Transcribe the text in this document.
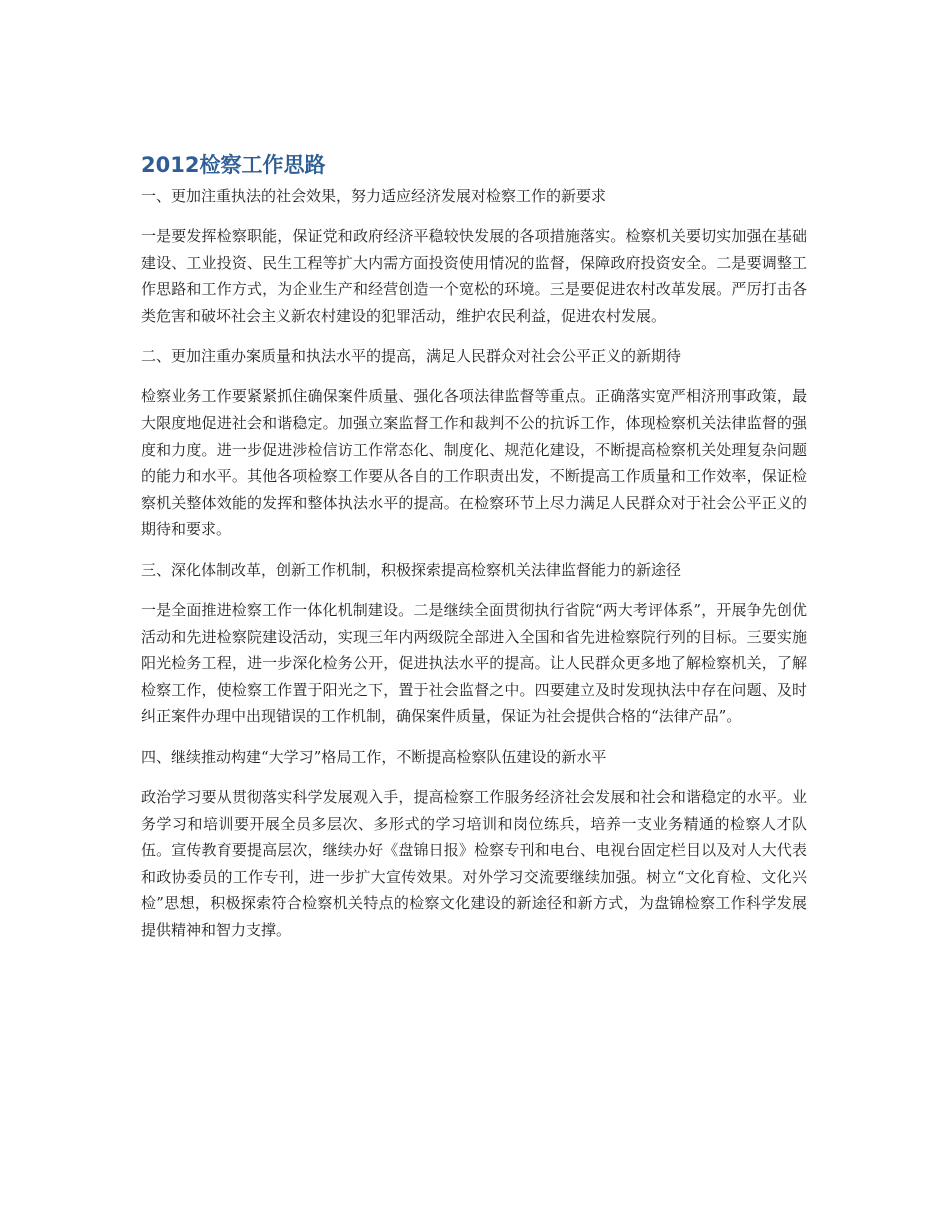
2012检察工作思路

一、更加注重执法的社会效果，努力适应经济发展对检察工作的新要求

一是要发挥检察职能，保证党和政府经济平稳较快发展的各项措施落实。检察机关要切实加强在基础建设、工业投资、民生工程等扩大内需方面投资使用情况的监督，保障政府投资安全。二是要调整工作思路和工作方式，为企业生产和经营创造一个宽松的环境。三是要促进农村改革发展。严厉打击各类危害和破坏社会主义新农村建设的犯罪活动，维护农民利益，促进农村发展。

二、更加注重办案质量和执法水平的提高，满足人民群众对社会公平正义的新期待

检察业务工作要紧紧抓住确保案件质量、强化各项法律监督等重点。正确落实宽严相济刑事政策，最大限度地促进社会和谐稳定。加强立案监督工作和裁判不公的抗诉工作，体现检察机关法律监督的强度和力度。进一步促进涉检信访工作常态化、制度化、规范化建设，不断提高检察机关处理复杂问题的能力和水平。其他各项检察工作要从各自的工作职责出发，不断提高工作质量和工作效率，保证检察机关整体效能的发挥和整体执法水平的提高。在检察环节上尽力满足人民群众对于社会公平正义的期待和要求。

三、深化体制改革，创新工作机制，积极探索提高检察机关法律监督能力的新途径

一是全面推进检察工作一体化机制建设。二是继续全面贯彻执行省院“两大考评体系”，开展争先创优活动和先进检察院建设活动，实现三年内两级院全部进入全国和省先进检察院行列的目标。三要实施阳光检务工程，进一步深化检务公开，促进执法水平的提高。让人民群众更多地了解检察机关，了解检察工作，使检察工作置于阳光之下，置于社会监督之中。四要建立及时发现执法中存在问题、及时纠正案件办理中出现错误的工作机制，确保案件质量，保证为社会提供合格的“法律产品”。

四、继续推动构建“大学习”格局工作，不断提高检察队伍建设的新水平

政治学习要从贯彻落实科学发展观入手，提高检察工作服务经济社会发展和社会和谐稳定的水平。业务学习和培训要开展全员多层次、多形式的学习培训和岗位练兵，培养一支业务精通的检察人才队伍。宣传教育要提高层次，继续办好《盘锦日报》检察专刊和电台、电视台固定栏目以及对人大代表和政协委员的工作专刊，进一步扩大宣传效果。对外学习交流要继续加强。树立“文化育检、文化兴检”思想，积极探索符合检察机关特点的检察文化建设的新途径和新方式，为盘锦检察工作科学发展提供精神和智力支撑。
